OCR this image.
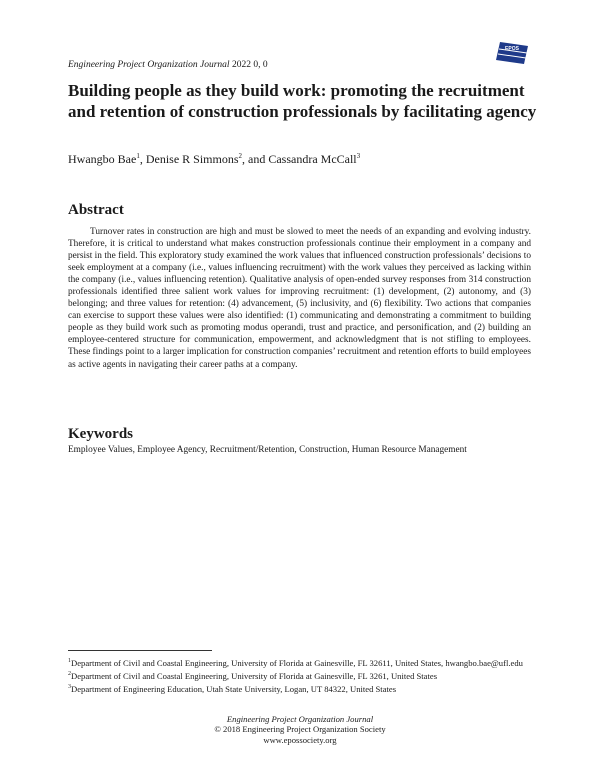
Engineering Project Organization Journal 2022 0, 0
EPOS
Building people as they build work: promoting the recruitment and retention of construction professionals by facilitating agency
Hwangbo Bae$^1$, Denise R Simmons$^2$, and Cassandra McCall$^3$
Abstract

Turnover rates in construction are high and must be slowed to meet the needs of an expanding and evolving industry. Therefore, it is critical to understand what makes construction professionals continue their employment in a company and persist in the field. This exploratory study examined the work values that influenced construction professionals’ decisions to seek employment at a company (i.e., values influencing recruitment) with the work values they perceived as lacking within the company (i.e., values influencing retention). Qualitative analysis of open-ended survey responses from 314 construction professionals identified three salient work values for improving recruitment: (1) development, (2) autonomy, and (3) belonging; and three values for retention: (4) advancement, (5) inclusivity, and (6) flexibility. Two actions that companies can exercise to support these values were also identified: (1) communicating and demonstrating a commitment to building people as they build work such as promoting modus operandi, trust and practice, and personification, and (2) building an employee-centered structure for communication, empowerment, and acknowledgment that is not stifling to employees. These findings point to a larger implication for construction companies’ recruitment and retention efforts to build employees as active agents in navigating their career paths at a company.

Keywords
Employee Values, Employee Agency, Recruitment/Retention, Construction, Human Resource Management
$^1$Department of Civil and Coastal Engineering, University of Florida at Gainesville, FL 32611, United States, hwangbo.bae@ufl.edu
$^2$Department of Civil and Coastal Engineering, University of Florida at Gainesville, FL 3261, United States
$^3$Department of Engineering Education, Utah State University, Logan, UT 84322, United States
Engineering Project Organization Journal
© 2018 Engineering Project Organization Society
www.epossociety.org
